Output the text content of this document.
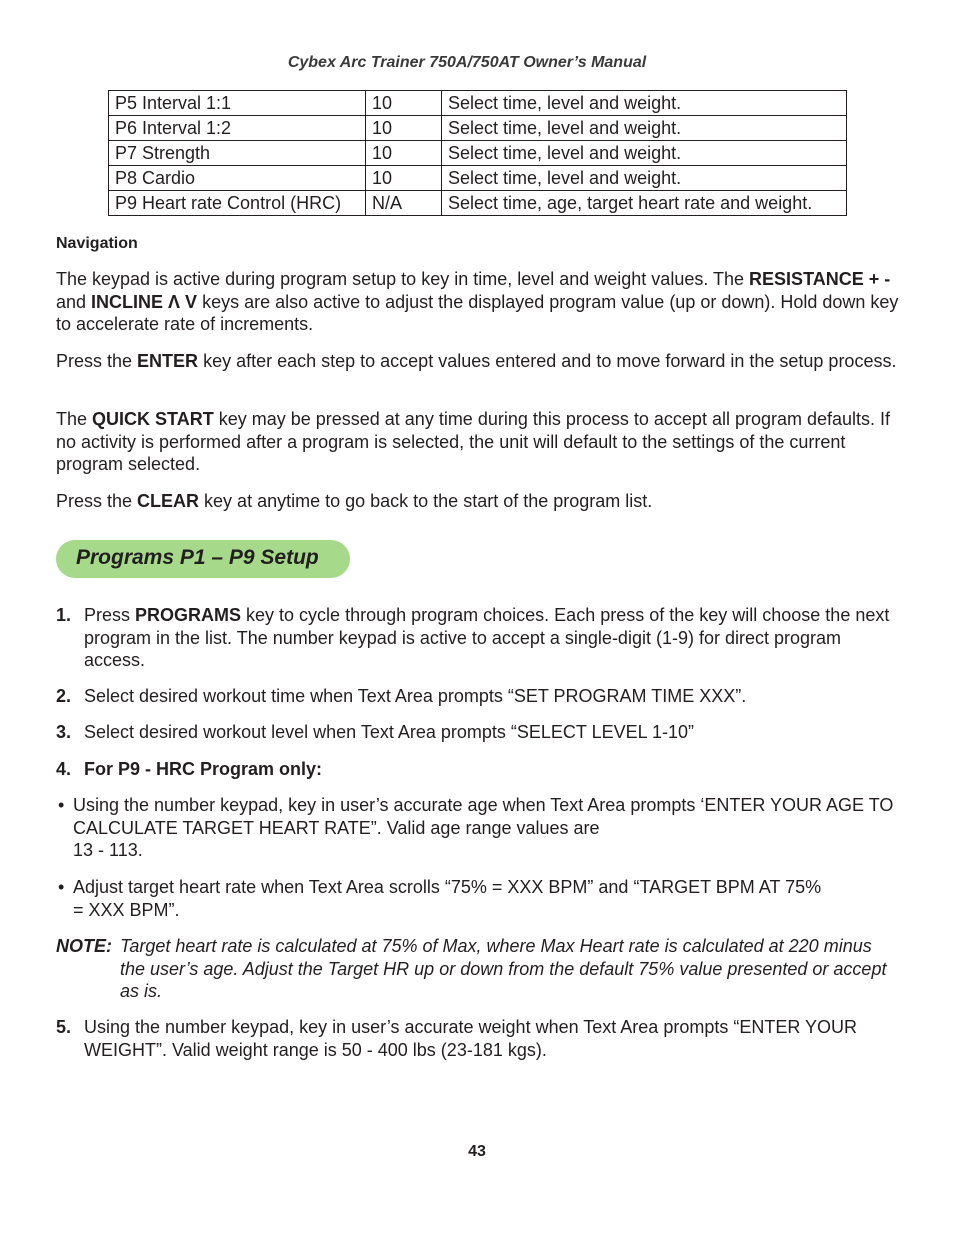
Cybex Arc Trainer 750A/750AT Owner’s Manual
P5 Interval 1:1	10	Select time, level and weight.
P6 Interval 1:2	10	Select time, level and weight.
P7 Strength	10	Select time, level and weight.
P8 Cardio	10	Select time, level and weight.
P9 Heart rate Control (HRC)	N/A	Select time, age, target heart rate and weight.
Navigation
The keypad is active during program setup to key in time, level and weight values. The RESISTANCE + - and INCLINE Λ V keys are also active to adjust the displayed program value (up or down). Hold down key to accelerate rate of increments.
Press the ENTER key after each step to accept values entered and to move forward in the setup process.
The QUICK START key may be pressed at any time during this process to accept all program defaults. If no activity is performed after a program is selected, the unit will default to the settings of the current program selected.
Press the CLEAR key at anytime to go back to the start of the program list.
Programs P1 – P9 Setup
1. Press PROGRAMS key to cycle through program choices. Each press of the key will choose the next program in the list. The number keypad is active to accept a single-digit (1-9) for direct program access.
2. Select desired workout time when Text Area prompts “SET PROGRAM TIME XXX”.
3. Select desired workout level when Text Area prompts “SELECT LEVEL 1-10”
4. For P9 - HRC Program only:
• Using the number keypad, key in user’s accurate age when Text Area prompts ‘ENTER YOUR AGE TO CALCULATE TARGET HEART RATE”. Valid age range values are
13 - 113.
• Adjust target heart rate when Text Area scrolls “75% = XXX BPM” and “TARGET BPM AT 75% = XXX BPM”.
NOTE: Target heart rate is calculated at 75% of Max, where Max Heart rate is calculated at 220 minus the user’s age. Adjust the Target HR up or down from the default 75% value presented or accept as is.
5. Using the number keypad, key in user’s accurate weight when Text Area prompts “ENTER YOUR WEIGHT”. Valid weight range is 50 - 400 lbs (23-181 kgs).
43
